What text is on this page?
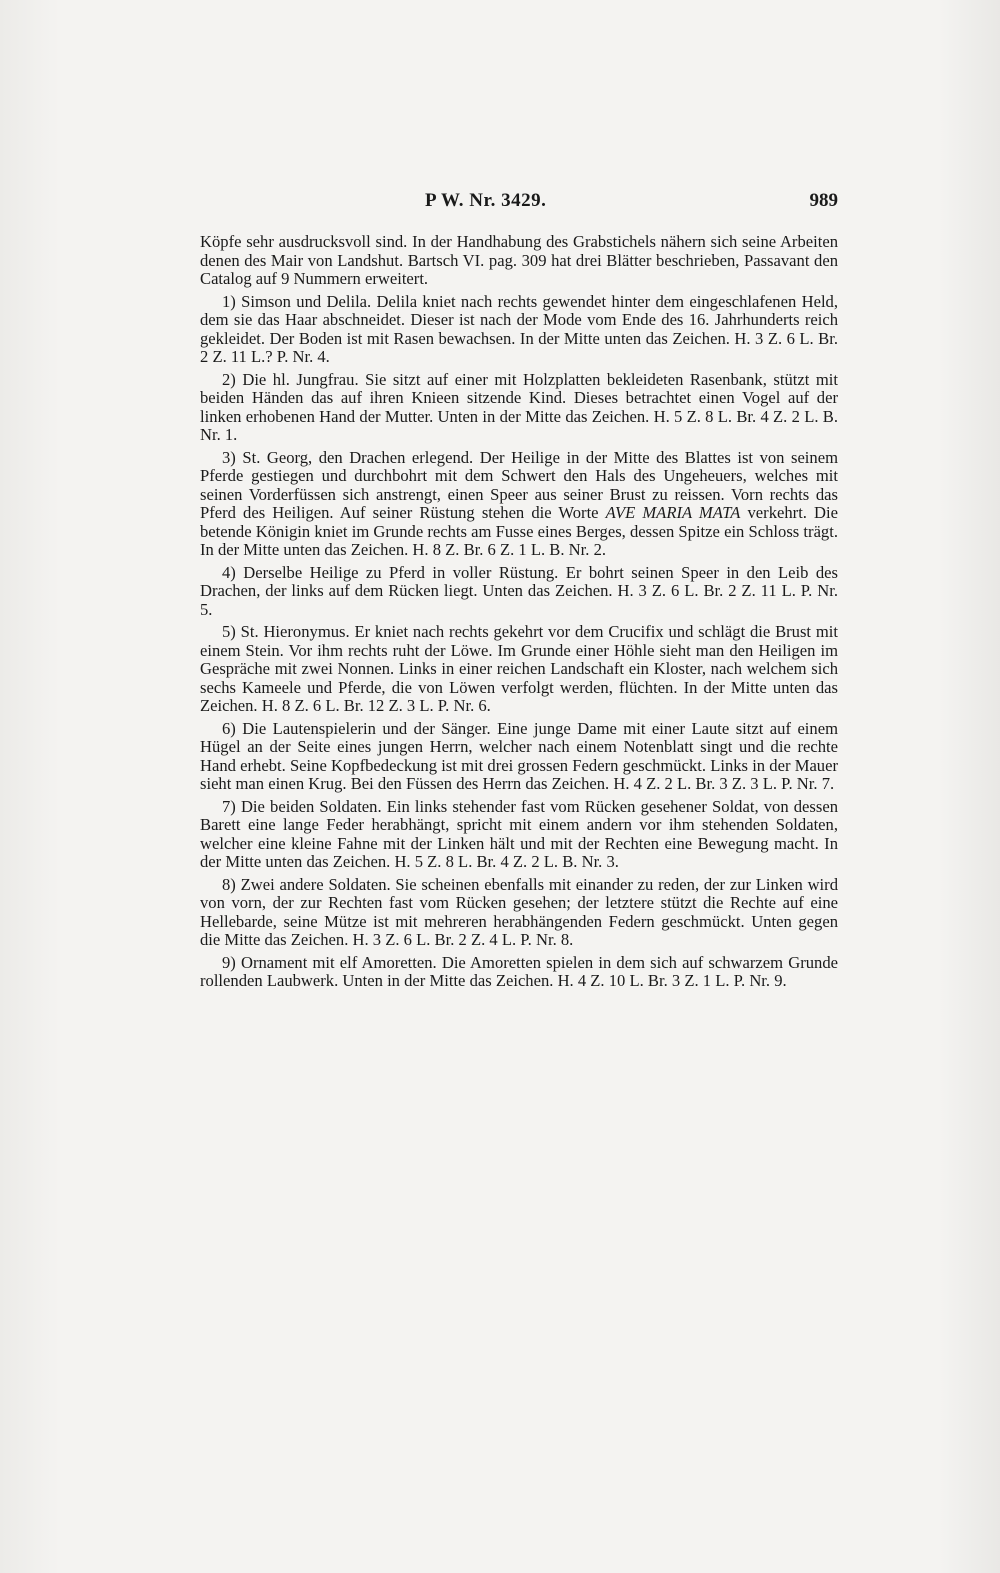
P W. Nr. 3429.	989

Köpfe sehr ausdrucksvoll sind. In der Handhabung des Grabstichels nähern sich seine Arbeiten denen des Mair von Landshut. Bartsch VI. pag. 309 hat drei Blätter beschrieben, Passavant den Catalog auf 9 Nummern erweitert.

1) Simson und Delila. Delila kniet nach rechts gewendet hinter dem eingeschlafenen Held, dem sie das Haar abschneidet. Dieser ist nach der Mode vom Ende des 16. Jahrhunderts reich gekleidet. Der Boden ist mit Rasen bewachsen. In der Mitte unten das Zeichen. H. 3 Z. 6 L. Br. 2 Z. 11 L.? P. Nr. 4.

2) Die hl. Jungfrau. Sie sitzt auf einer mit Holzplatten bekleideten Rasenbank, stützt mit beiden Händen das auf ihren Knieen sitzende Kind. Dieses betrachtet einen Vogel auf der linken erhobenen Hand der Mutter. Unten in der Mitte das Zeichen. H. 5 Z. 8 L. Br. 4 Z. 2 L. B. Nr. 1.

3) St. Georg, den Drachen erlegend. Der Heilige in der Mitte des Blattes ist von seinem Pferde gestiegen und durchbohrt mit dem Schwert den Hals des Ungeheuers, welches mit seinen Vorderfüssen sich anstrengt, einen Speer aus seiner Brust zu reissen. Vorn rechts das Pferd des Heiligen. Auf seiner Rüstung stehen die Worte AVE MARIA MATA verkehrt. Die betende Königin kniet im Grunde rechts am Fusse eines Berges, dessen Spitze ein Schloss trägt. In der Mitte unten das Zeichen. H. 8 Z. Br. 6 Z. 1 L. B. Nr. 2.

4) Derselbe Heilige zu Pferd in voller Rüstung. Er bohrt seinen Speer in den Leib des Drachen, der links auf dem Rücken liegt. Unten das Zeichen. H. 3 Z. 6 L. Br. 2 Z. 11 L. P. Nr. 5.

5) St. Hieronymus. Er kniet nach rechts gekehrt vor dem Crucifix und schlägt die Brust mit einem Stein. Vor ihm rechts ruht der Löwe. Im Grunde einer Höhle sieht man den Heiligen im Gespräche mit zwei Nonnen. Links in einer reichen Landschaft ein Kloster, nach welchem sich sechs Kameele und Pferde, die von Löwen verfolgt werden, flüchten. In der Mitte unten das Zeichen. H. 8 Z. 6 L. Br. 12 Z. 3 L. P. Nr. 6.

6) Die Lautenspielerin und der Sänger. Eine junge Dame mit einer Laute sitzt auf einem Hügel an der Seite eines jungen Herrn, welcher nach einem Notenblatt singt und die rechte Hand erhebt. Seine Kopfbedeckung ist mit drei grossen Federn geschmückt. Links in der Mauer sieht man einen Krug. Bei den Füssen des Herrn das Zeichen. H. 4 Z. 2 L. Br. 3 Z. 3 L. P. Nr. 7.

7) Die beiden Soldaten. Ein links stehender fast vom Rücken gesehener Soldat, von dessen Barett eine lange Feder herabhängt, spricht mit einem andern vor ihm stehenden Soldaten, welcher eine kleine Fahne mit der Linken hält und mit der Rechten eine Bewegung macht. In der Mitte unten das Zeichen. H. 5 Z. 8 L. Br. 4 Z. 2 L. B. Nr. 3.

8) Zwei andere Soldaten. Sie scheinen ebenfalls mit einander zu reden, der zur Linken wird von vorn, der zur Rechten fast vom Rücken gesehen; der letztere stützt die Rechte auf eine Hellebarde, seine Mütze ist mit mehreren herabhängenden Federn geschmückt. Unten gegen die Mitte das Zeichen. H. 3 Z. 6 L. Br. 2 Z. 4 L. P. Nr. 8.

9) Ornament mit elf Amoretten. Die Amoretten spielen in dem sich auf schwarzem Grunde rollenden Laubwerk. Unten in der Mitte das Zeichen. H. 4 Z. 10 L. Br. 3 Z. 1 L. P. Nr. 9.
